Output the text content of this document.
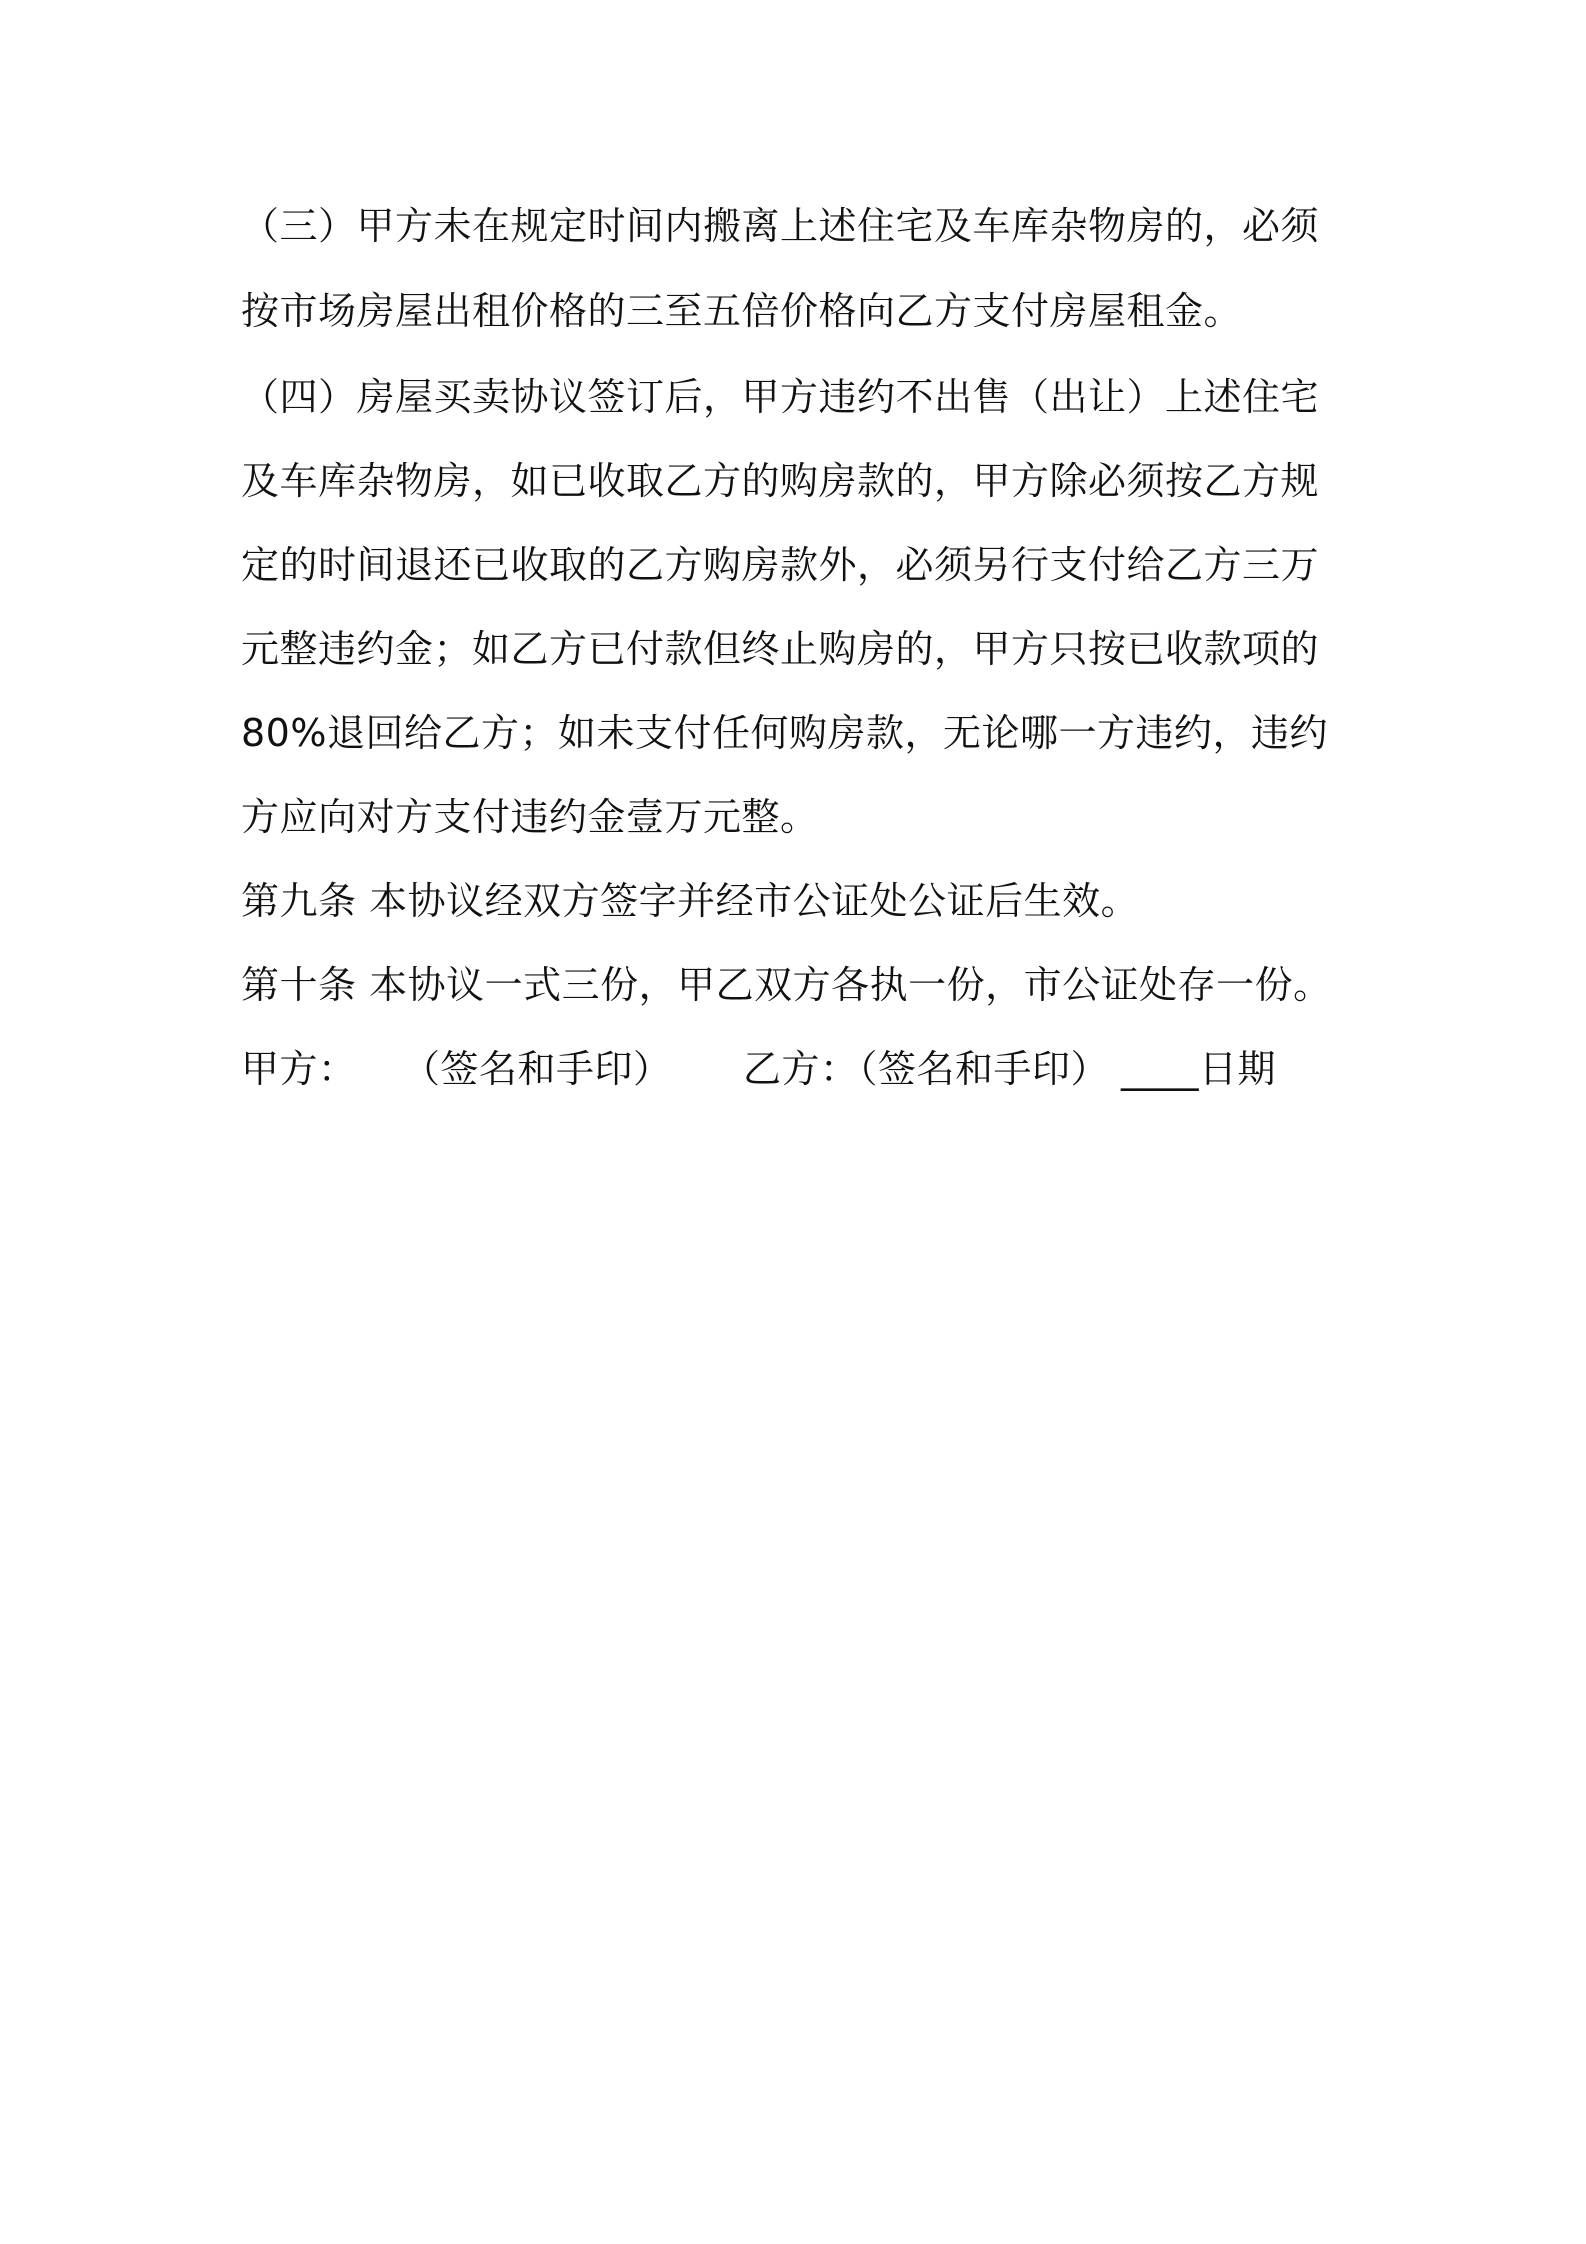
（三）甲方未在规定时间内搬离上述住宅及车库杂物房的，必须
按市场房屋出租价格的三至五倍价格向乙方支付房屋租金。
（四）房屋买卖协议签订后，甲方违约不出售（出让）上述住宅
及车库杂物房，如已收取乙方的购房款的，甲方除必须按乙方规
定的时间退还已收取的乙方购房款外，必须另行支付给乙方三万
元整违约金；如乙方已付款但终止购房的，甲方只按已收款项的
80%退回给乙方；如未支付任何购房款，无论哪一方违约，违约
方应向对方支付违约金壹万元整。
第九条 本协议经双方签字并经市公证处公证后生效。
第十条 本协议一式三份，甲乙双方各执一份，市公证处存一份。
甲方： （签名和手印） 乙方：（签名和手印） ____日期
